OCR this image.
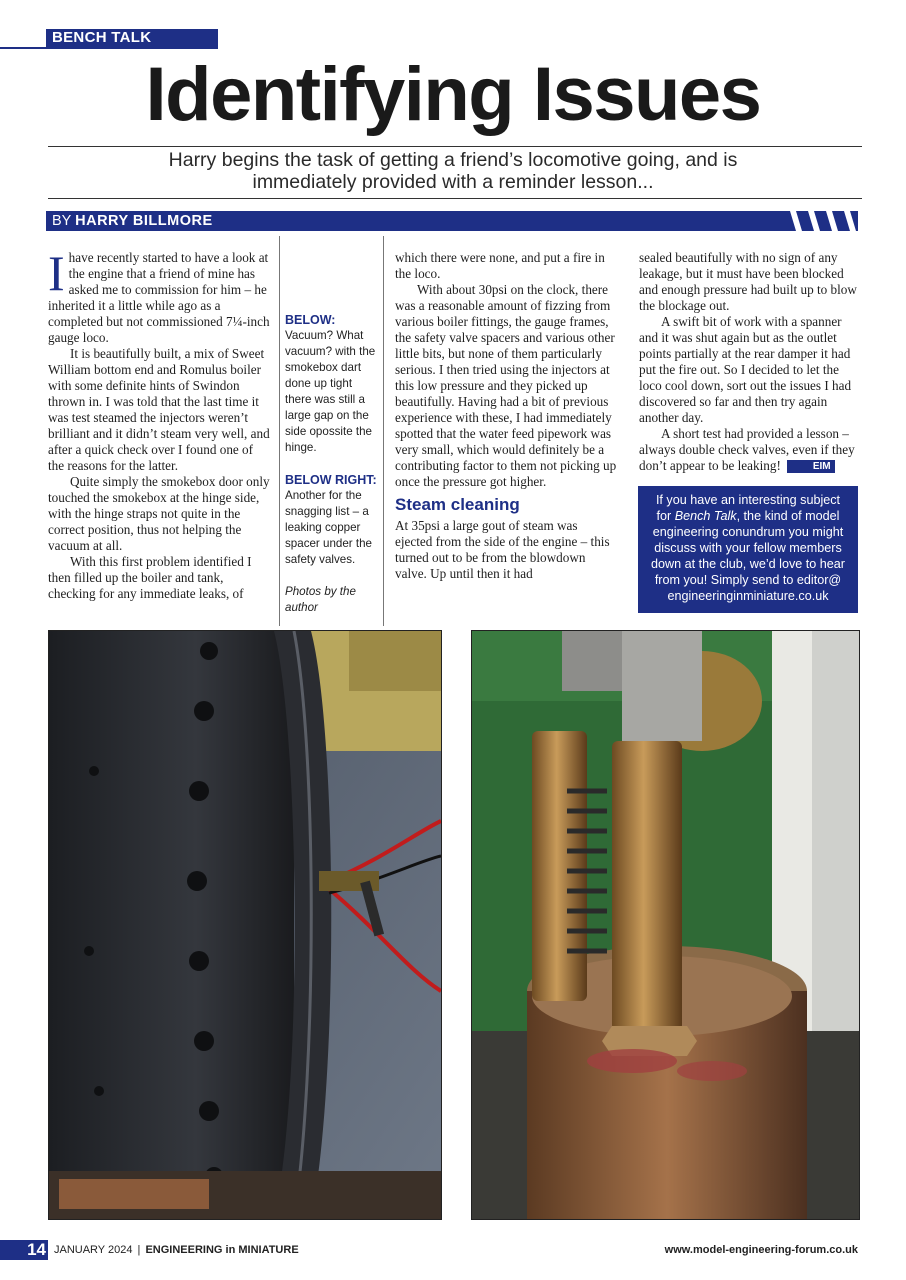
BENCH TALK
Identifying Issues
Harry begins the task of getting a friend’s locomotive going, and is immediately provided with a reminder lesson...
BY HARRY BILLMORE

I have recently started to have a look at the engine that a friend of mine has asked me to commission for him – he inherited it a little while ago as a completed but not commissioned 7¼-inch gauge loco.

It is beautifully built, a mix of Sweet William bottom end and Romulus boiler with some definite hints of Swindon thrown in. I was told that the last time it was test steamed the injectors weren’t brilliant and it didn’t steam very well, and after a quick check over I found one of the reasons for the latter.

Quite simply the smokebox door only touched the smokebox at the hinge side, with the hinge straps not quite in the correct position, thus not helping the vacuum at all.

With this first problem identified I then filled up the boiler and tank, checking for any immediate leaks, of

BELOW:
Vacuum? What vacuum? with the smokebox dart done up tight there was still a large gap on the side opossite the hinge.
BELOW RIGHT:
Another for the snagging list – a leaking copper spacer under the safety valves.
Photos by the author

which there were none, and put a fire in the loco.

With about 30psi on the clock, there was a reasonable amount of fizzing from various boiler fittings, the gauge frames, the safety valve spacers and various other little bits, but none of them particularly serious. I then tried using the injectors at this low pressure and they picked up beautifully. Having had a bit of previous experience with these, I had immediately spotted that the water feed pipework was very small, which would definitely be a contributing factor to them not picking up once the pressure got higher.

Steam cleaning

At 35psi a large gout of steam was ejected from the side of the engine – this turned out to be from the blowdown valve. Up until then it had

sealed beautifully with no sign of any leakage, but it must have been blocked and enough pressure had built up to blow the blockage out.

A swift bit of work with a spanner and it was shut again but as the outlet points partially at the rear damper it had put the fire out. So I decided to let the loco cool down, sort out the issues I had discovered so far and then try again another day.

A short test had provided a lesson – always double check valves, even if they don’t appear to be leaking!	EIM

If you have an interesting subject for Bench Talk, the kind of model engineering conundrum you might discuss with your fellow members down at the club, we’d love to hear from you! Simply send to editor@ engineeringinminiature.co.uk
14 JANUARY 2024 | ENGINEERING in MINIATURE	www.model-engineering-forum.co.uk
